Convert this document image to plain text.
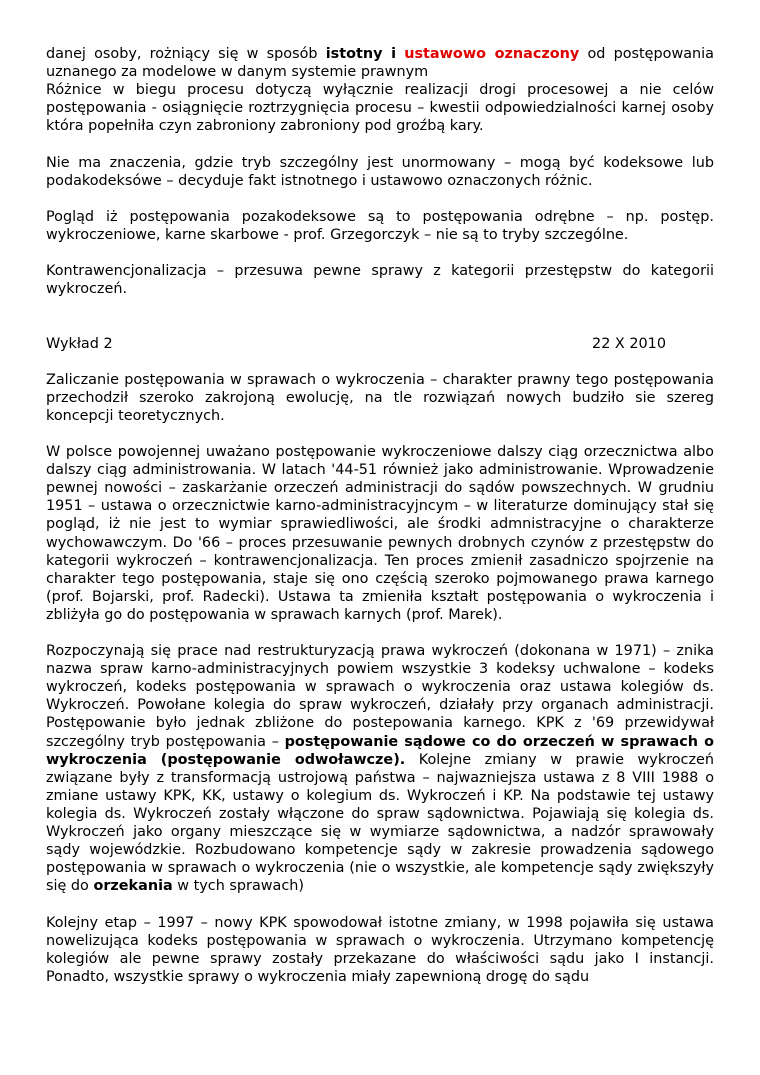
danej osoby, rożniący się w sposób istotny i ustawowo oznaczony od postępowania uznanego za modelowe w danym systemie prawnym

Różnice w biegu procesu dotyczą wyłącznie realizacji drogi procesowej a nie celów postępowania - osiągnięcie roztrzygnięcia procesu – kwestii odpowiedzialności karnej osoby która popełniła czyn zabroniony zabroniony pod groźbą kary.

Nie ma znaczenia, gdzie tryb szczególny jest unormowany – mogą być kodeksowe lub podakodeksówe – decyduje fakt istnotnego i ustawowo oznaczonych różnic.

Pogląd iż postępowania pozakodeksowe są to postępowania odrębne – np. postęp. wykroczeniowe, karne skarbowe - prof. Grzegorczyk – nie są to tryby szczególne.

Kontrawencjonalizacja – przesuwa pewne sprawy z kategorii przestępstw do kategorii wykroczeń.

Wykład 2	22 X 2010

Zaliczanie postępowania w sprawach o wykroczenia – charakter prawny tego postępowania przechodził szeroko zakrojoną ewolucję, na tle rozwiązań nowych budziło sie szereg koncepcji teoretycznych.

W polsce powojennej uważano postępowanie wykroczeniowe dalszy ciąg orzecznictwa albo dalszy ciąg administrowania. W latach '44-51 również jako administrowanie. Wprowadzenie pewnej nowości – zaskarżanie orzeczeń administracji do sądów powszechnych. W grudniu 1951 – ustawa o orzecznictwie karno-administracyjncym – w literaturze dominujący stał się pogląd, iż nie jest to wymiar sprawiedliwości, ale środki admnistracyjne o charakterze wychowawczym. Do '66 – proces przesuwanie pewnych drobnych czynów z przestępstw do kategorii wykroczeń – kontrawencjonalizacja. Ten proces zmienił zasadniczo spojrzenie na charakter tego postępowania, staje się ono częścią szeroko pojmowanego prawa karnego (prof. Bojarski, prof. Radecki). Ustawa ta zmieniła kształt postępowania o wykroczenia i zbliżyła go do postępowania w sprawach karnych (prof. Marek).

Rozpoczynają się prace nad restrukturyzacją prawa wykroczeń (dokonana w 1971) – znika nazwa spraw karno-administracyjnych powiem wszystkie 3 kodeksy uchwalone – kodeks wykroczeń, kodeks postępowania w sprawach o wykroczenia oraz ustawa kolegiów ds. Wykroczeń. Powołane kolegia do spraw wykroczeń, działały przy organach administracji. Postępowanie było jednak zbliżone do postepowania karnego. KPK z '69 przewidywał szczególny tryb postępowania – postępowanie sądowe co do orzeczeń w sprawach o wykroczenia (postępowanie odwoławcze). Kolejne zmiany w prawie wykroczeń związane były z transformacją ustrojową państwa – najwazniejsza ustawa z 8 VIII 1988 o zmiane ustawy KPK, KK, ustawy o kolegium ds. Wykroczeń i KP. Na podstawie tej ustawy kolegia ds. Wykroczeń zostały włączone do spraw sądownictwa. Pojawiają się kolegia ds. Wykroczeń jako organy mieszczące się w wymiarze sądownictwa, a nadzór sprawowały sądy wojewódzkie. Rozbudowano kompetencje sądy w zakresie prowadzenia sądowego postępowania w sprawach o wykroczenia (nie o wszystkie, ale kompetencje sądy zwiększyły się do orzekania w tych sprawach)

Kolejny etap – 1997 – nowy KPK spowodował istotne zmiany, w 1998 pojawiła się ustawa nowelizująca kodeks postępowania w sprawach o wykroczenia. Utrzymano kompetencję kolegiów ale pewne sprawy zostały przekazane do właściwości sądu jako I instancji. Ponadto, wszystkie sprawy o wykroczenia miały zapewnioną drogę do sądu
